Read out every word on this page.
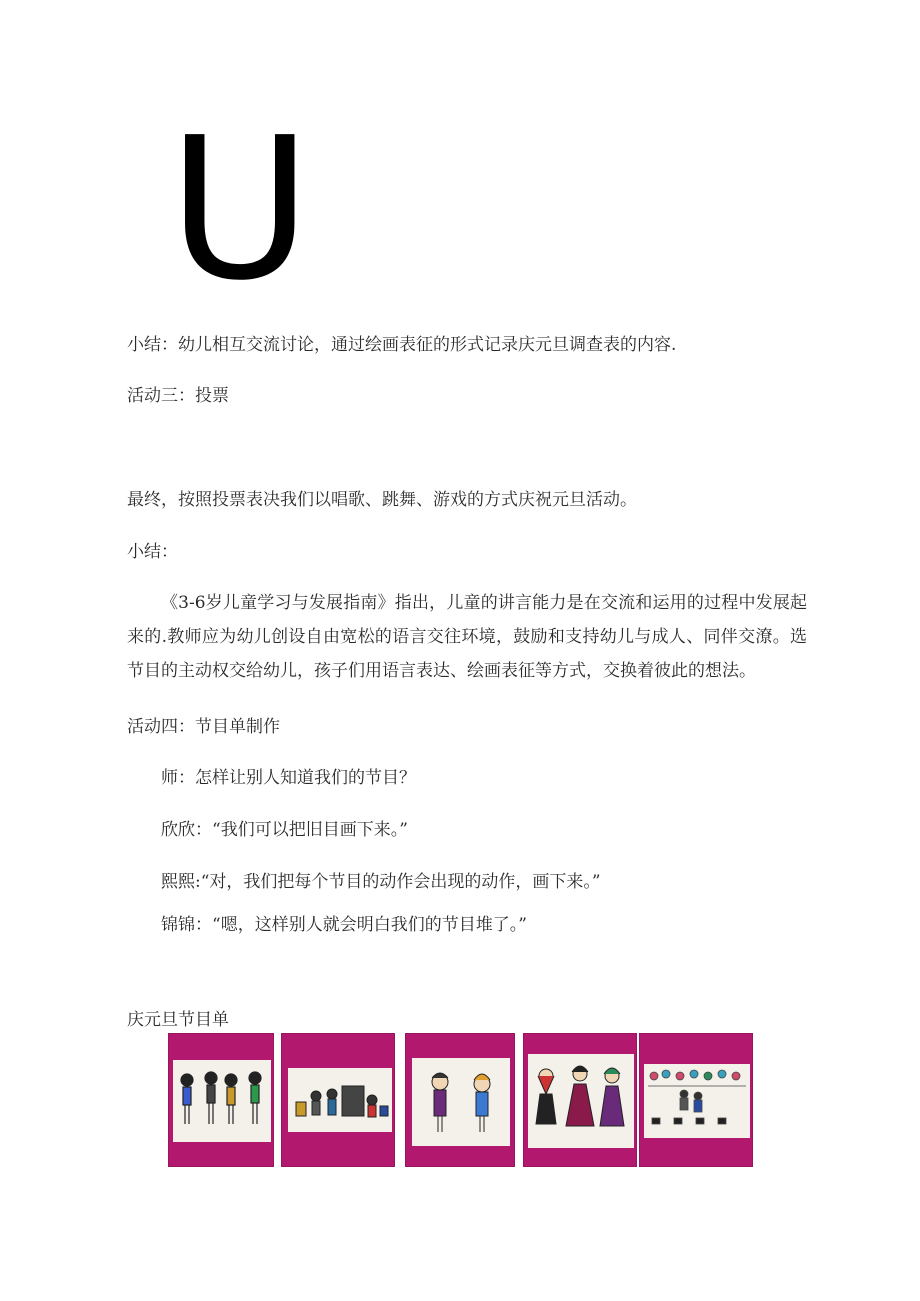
U
小结：幼儿相互交流讨论，通过绘画表征的形式记录庆元旦调查表的内容.
活动三：投票
最终，按照投票表决我们以唱歌、跳舞、游戏的方式庆祝元旦活动。
小结：
《3-6岁儿童学习与发展指南》指出，儿童的讲言能力是在交流和运用的过程中发展起来的.教师应为幼儿创设自由宽松的语言交往环境，鼓励和支持幼儿与成人、同伴交潦。选节目的主动权交给幼儿，孩子们用语言表达、绘画表征等方式，交换着彼此的想法。
活动四：节目单制作
师：怎样让别人知道我们的节目？
欣欣：“我们可以把旧目画下来。”
熙熙:“对，我们把每个节目的动作会出现的动作，画下来。”
锦锦：“嗯，这样别人就会明白我们的节目堆了。”
庆元旦节目单
